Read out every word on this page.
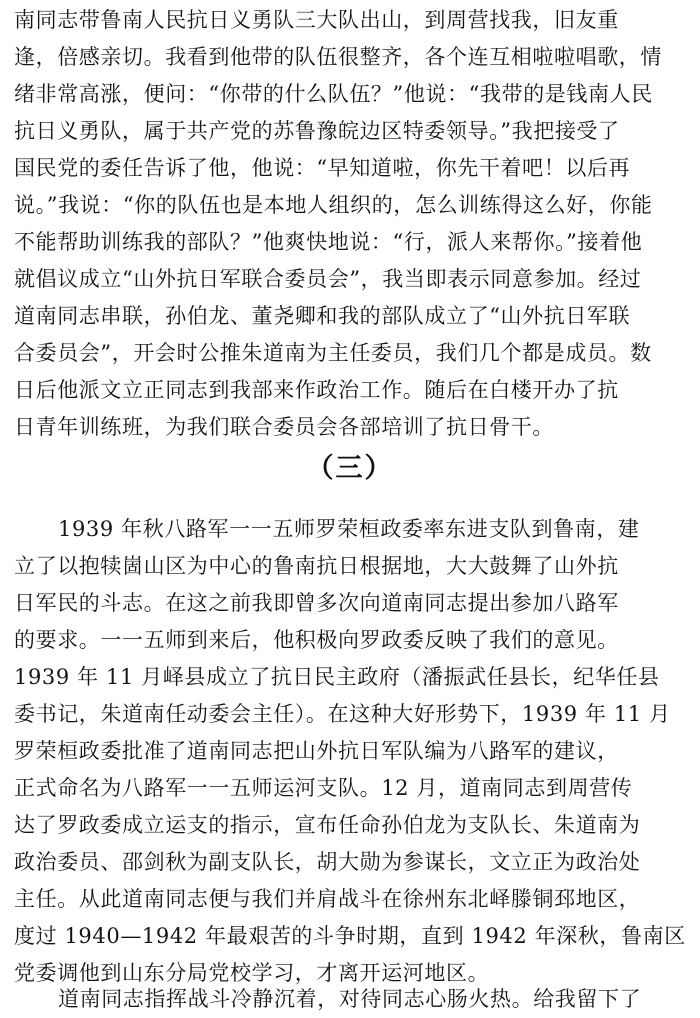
南同志带鲁南人民抗日义勇队三大队出山，到周营找我，旧友重
逢，倍感亲切。我看到他带的队伍很整齐，各个连互相啦啦唱歌，情
绪非常高涨，便问：“你带的什么队伍？”他说：“我带的是钱南人民
抗日义勇队，属于共产党的苏鲁豫皖边区特委领导。”我把接受了
国民党的委任告诉了他，他说：“早知道啦，你先干着吧！以后再
说。”我说：“你的队伍也是本地人组织的，怎么训练得这么好，你能
不能帮助训练我的部队？”他爽快地说：“行，派人来帮你。”接着他
就倡议成立“山外抗日军联合委员会”，我当即表示同意参加。经过
道南同志串联，孙伯龙、董尧卿和我的部队成立了“山外抗日军联
合委员会”，开会时公推朱道南为主任委员，我们几个都是成员。数
日后他派文立正同志到我部来作政治工作。随后在白楼开办了抗
日青年训练班，为我们联合委员会各部培训了抗日骨干。
（三）
1939 年秋八路军一一五师罗荣桓政委率东进支队到鲁南，建
立了以抱犊崮山区为中心的鲁南抗日根据地，大大鼓舞了山外抗
日军民的斗志。在这之前我即曾多次向道南同志提出参加八路军
的要求。一一五师到来后，他积极向罗政委反映了我们的意见。
1939 年 11 月峄县成立了抗日民主政府（潘振武任县长，纪华任县
委书记，朱道南任动委会主任）。在这种大好形势下，1939 年 11 月
罗荣桓政委批准了道南同志把山外抗日军队编为八路军的建议，
正式命名为八路军一一五师运河支队。12 月，道南同志到周营传
达了罗政委成立运支的指示，宣布任命孙伯龙为支队长、朱道南为
政治委员、邵剑秋为副支队长，胡大勋为参谋长，文立正为政治处
主任。从此道南同志便与我们并肩战斗在徐州东北峄滕铜邳地区，
度过 1940—1942 年最艰苦的斗争时期，直到 1942 年深秋，鲁南区
党委调他到山东分局党校学习，才离开运河地区。
道南同志指挥战斗冷静沉着，对待同志心肠火热。给我留下了
